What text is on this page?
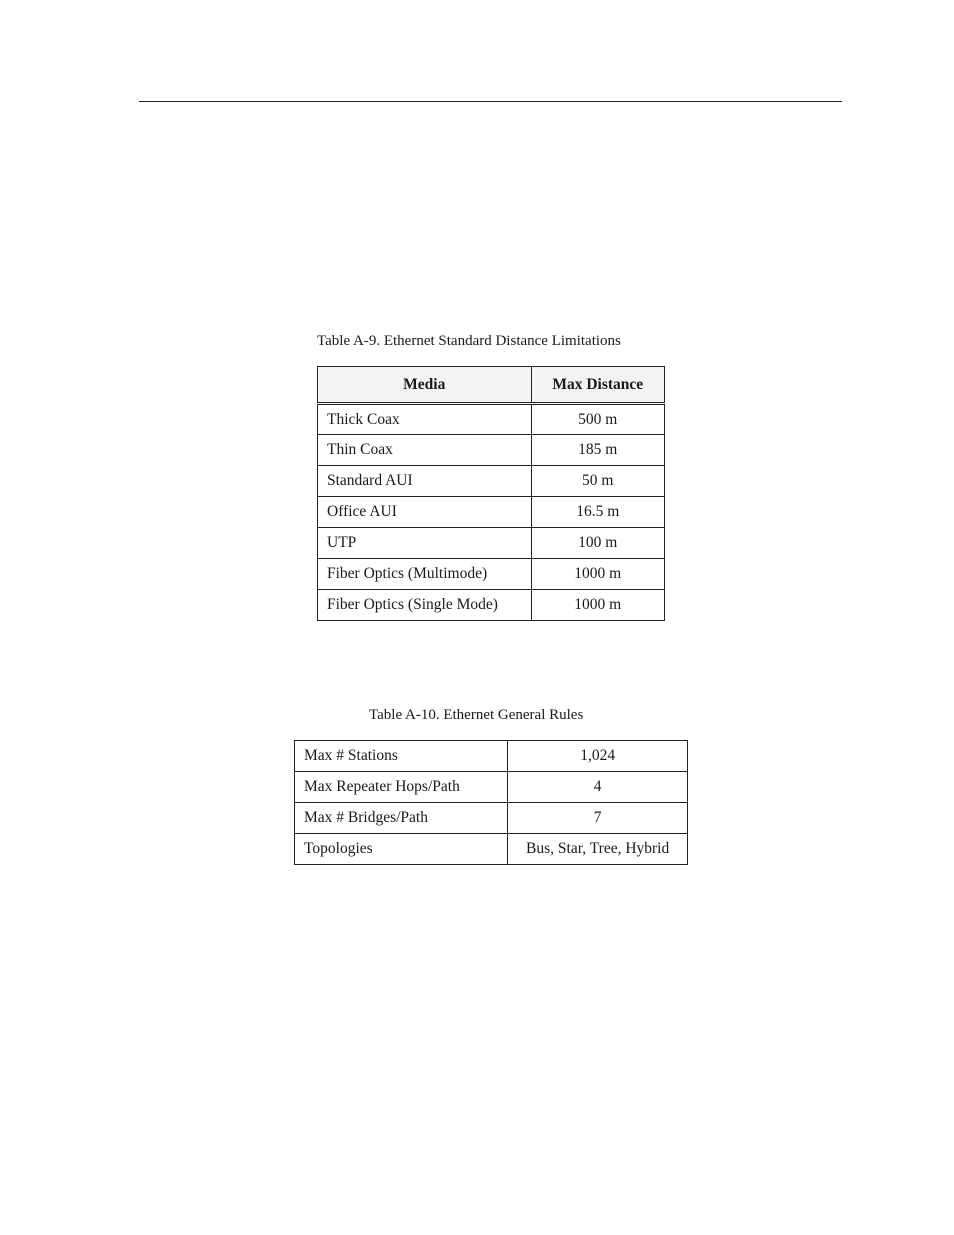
Table A-9. Ethernet Standard Distance Limitations
Media	Max Distance
Thick Coax	500 m
Thin Coax	185 m
Standard AUI	50 m
Office AUI	16.5 m
UTP	100 m
Fiber Optics (Multimode)	1000 m
Fiber Optics (Single Mode)	1000 m
Table A-10. Ethernet General Rules
Max # Stations	1,024
Max Repeater Hops/Path	4
Max # Bridges/Path	7
Topologies	Bus, Star, Tree, Hybrid
